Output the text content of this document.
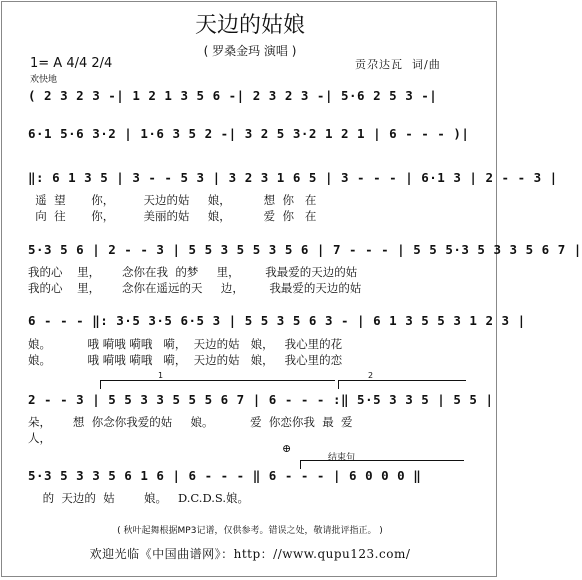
天边的姑娘
( 罗桑金玛 演唱 )
1= A 4/4 2/4
欢快地
贡尕达瓦  词/曲
( 2 3 2 3 -| 1 2 1 3 5 6 -| 2 3 2 3 -| 5·6 2 5 3 -|
6·1 5·6 3·2 | 1·6 3 5 2 -| 3 2 5 3·2 1 2 1 | 6 - - - )|
‖: 6 1 3 5 | 3 - - 5 3 | 3 2 3 1 6 5 | 3 - - - | 6·1 3 | 2 - - 3 |
遥  望       你，        天边的姑     娘，         想  你   在
向  往       你，        美丽的姑     娘，         爱  你   在
5·3 5 6 | 2 - - 3 | 5 5 3 5 5 3 5 6 | 7 - - - | 5 5 5·3 5 3 3 5 6 7 |
我的心    里，      念你在我  的梦     里，       我最爱的天边的姑
我的心    里，      念你在遥远的天     边，       我最爱的天边的姑
6 - - - ‖: 3·5 3·5 6·5 3 | 5 5 3 5 6 3 - | 6 1 3 5 5 3 1 2 3 |
娘。          哦 嗬哦 嗬哦   嗬，  天边的姑   娘，   我心里的花
娘。          哦 嗬哦 嗬哦   嗬，  天边的姑   娘，   我心里的恋
1	2
2 - - 3 | 5 5 3 3 5 5 5 6 7 | 6 - - - :‖ 5·5 3 3 5 | 5 5 |
朵，      想  你念你我爱的姑     娘。          爱  你恋你我  最  爱
人，
⊕
结束句
5·3 5 3 3 5 6 1 6 | 6 - - - ‖ 6 - - - | 6 0 0 0 ‖
的  天边的  姑        娘。   D.C.D.S.娘。
( 秋叶起舞根据MP3记谱，仅供参考。错误之处，敬请批评指正。 )
欢迎光临《中国曲谱网》：http：//www.qupu123.com/
